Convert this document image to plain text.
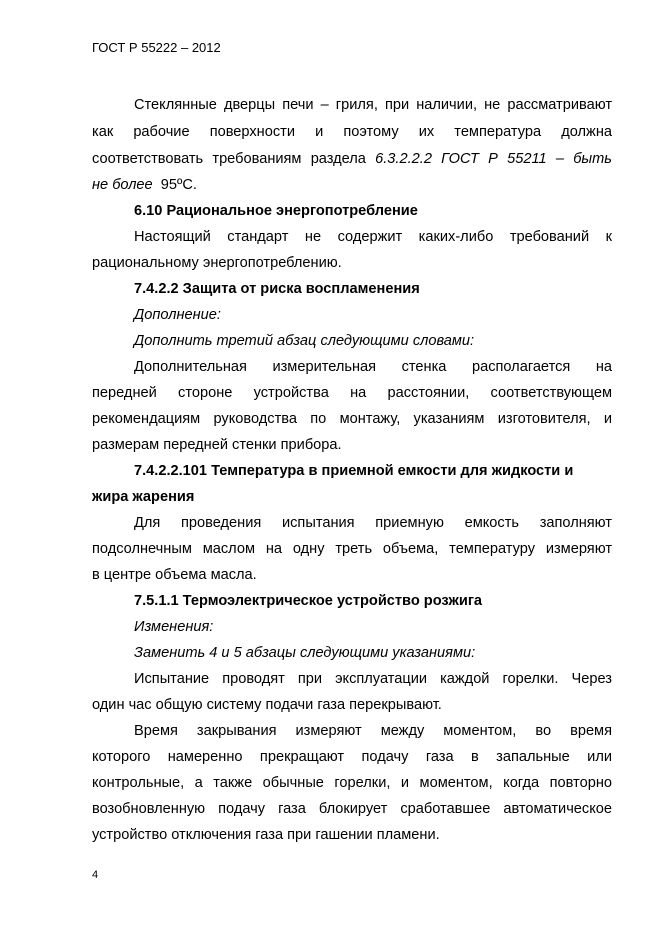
ГОСТ Р 55222 – 2012
Стеклянные дверцы печи – гриля, при наличии, не рассматривают
как рабочие поверхности и поэтому их температура должна
соответствовать требованиям раздела 6.3.2.2.2 ГОСТ Р 55211 – быть
не более  95ºС.
6.10 Рациональное энергопотребление
Настоящий стандарт не содержит каких-либо требований к
рациональному энергопотреблению.
7.4.2.2 Защита от риска воспламенения
Дополнение:
Дополнить третий абзац следующими словами:
Дополнительная измерительная стенка располагается на
передней стороне устройства на расстоянии, соответствующем
рекомендациям руководства по монтажу, указаниям изготовителя, и
размерам передней стенки прибора.
7.4.2.2.101 Температура в приемной емкости для жидкости и
жира жарения
Для проведения испытания приемную емкость заполняют
подсолнечным маслом на одну треть объема, температуру измеряют
в центре объема масла.
7.5.1.1 Термоэлектрическое устройство розжига
Изменения:
Заменить 4 и 5 абзацы следующими указаниями:
Испытание проводят при эксплуатации каждой горелки. Через
один час общую систему подачи газа перекрывают.
Время закрывания измеряют между моментом, во время
которого намеренно прекращают подачу газа в запальные или
контрольные, а также обычные горелки, и моментом, когда повторно
возобновленную подачу газа блокирует сработавшее автоматическое
устройство отключения газа при гашении пламени.
4
